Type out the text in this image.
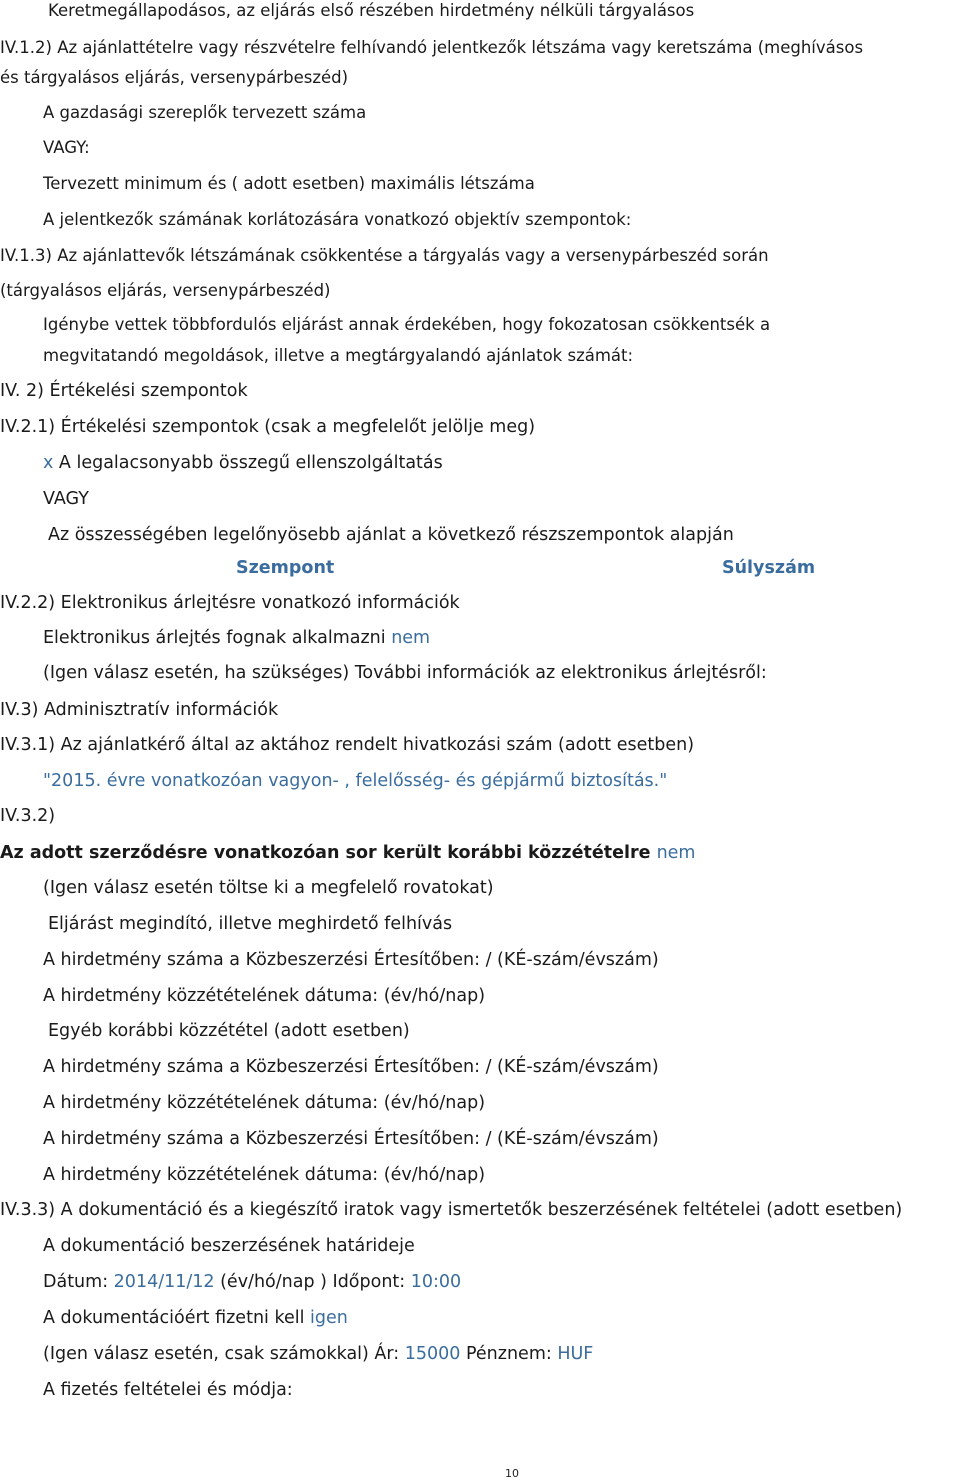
Keretmegállapodásos, az eljárás első részében hirdetmény nélküli tárgyalásos
IV.1.2) Az ajánlattételre vagy részvételre felhívandó jelentkezők létszáma vagy keretszáma (meghívásos
és tárgyalásos eljárás, versenypárbeszéd)
A gazdasági szereplők tervezett száma
VAGY:
Tervezett minimum és ( adott esetben) maximális létszáma
A jelentkezők számának korlátozására vonatkozó objektív szempontok:
IV.1.3) Az ajánlattevők létszámának csökkentése a tárgyalás vagy a versenypárbeszéd során
(tárgyalásos eljárás, versenypárbeszéd)
Igénybe vettek többfordulós eljárást annak érdekében, hogy fokozatosan csökkentsék a
megvitatandó megoldások, illetve a megtárgyalandó ajánlatok számát:
IV. 2) Értékelési szempontok
IV.2.1) Értékelési szempontok (csak a megfelelőt jelölje meg)
x A legalacsonyabb összegű ellenszolgáltatás
VAGY
Az összességében legelőnyösebb ajánlat a következő részszempontok alapján
Szempont	Súlyszám
IV.2.2) Elektronikus árlejtésre vonatkozó információk
Elektronikus árlejtés fognak alkalmazni nem
(Igen válasz esetén, ha szükséges) További információk az elektronikus árlejtésről:
IV.3) Adminisztratív információk
IV.3.1) Az ajánlatkérő által az aktához rendelt hivatkozási szám (adott esetben)
"2015. évre vonatkozóan vagyon- , felelősség- és gépjármű biztosítás."
IV.3.2)
Az adott szerződésre vonatkozóan sor került korábbi közzétételre nem
(Igen válasz esetén töltse ki a megfelelő rovatokat)
Eljárást megindító, illetve meghirdető felhívás
A hirdetmény száma a Közbeszerzési Értesítőben: / (KÉ-szám/évszám)
A hirdetmény közzétételének dátuma: (év/hó/nap)
Egyéb korábbi közzététel (adott esetben)
A hirdetmény száma a Közbeszerzési Értesítőben: / (KÉ-szám/évszám)
A hirdetmény közzétételének dátuma: (év/hó/nap)
A hirdetmény száma a Közbeszerzési Értesítőben: / (KÉ-szám/évszám)
A hirdetmény közzétételének dátuma: (év/hó/nap)
IV.3.3) A dokumentáció és a kiegészítő iratok vagy ismertetők beszerzésének feltételei (adott esetben)
A dokumentáció beszerzésének határideje
Dátum: 2014/11/12 (év/hó/nap ) Időpont: 10:00
A dokumentációért fizetni kell igen
(Igen válasz esetén, csak számokkal) Ár: 15000 Pénznem: HUF
A fizetés feltételei és módja:
10
